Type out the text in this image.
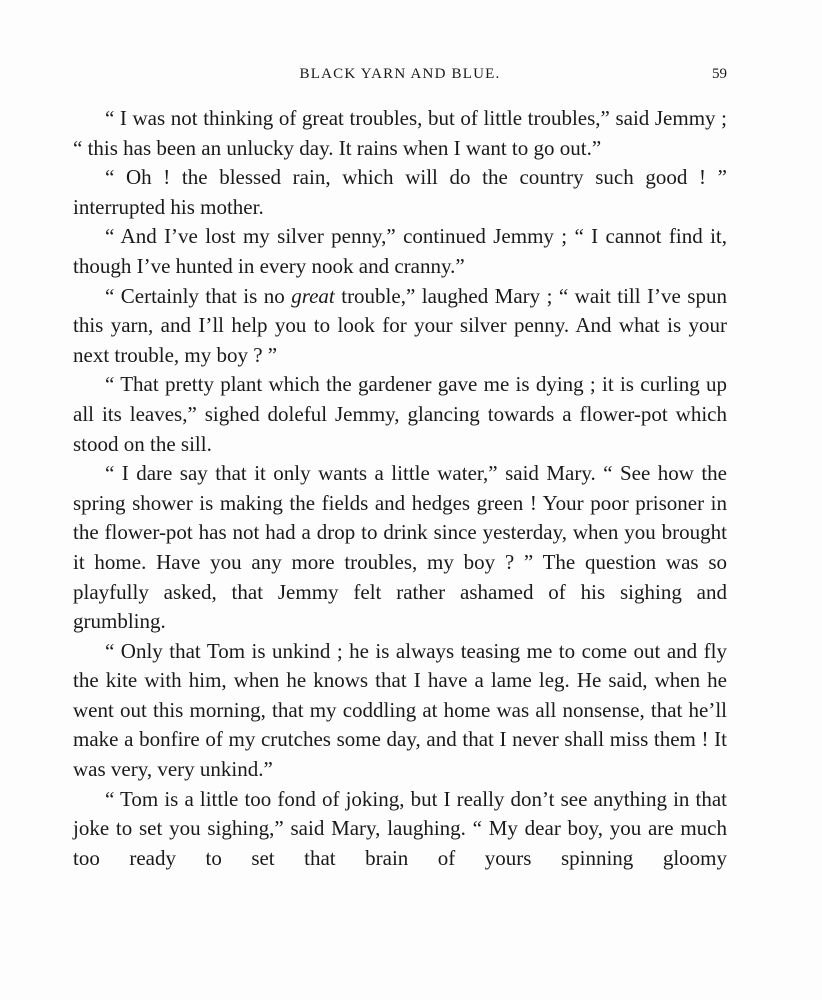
BLACK YARN AND BLUE.	59

“ I was not thinking of great troubles, but of little troubles,” said Jemmy ; “ this has been an unlucky day. It rains when I want to go out.”

“ Oh ! the blessed rain, which will do the country such good ! ” interrupted his mother.

“ And I’ve lost my silver penny,” continued Jemmy ; “ I cannot find it, though I’ve hunted in every nook and cranny.”

“ Certainly that is no great trouble,” laughed Mary ; “ wait till I’ve spun this yarn, and I’ll help you to look for your silver penny. And what is your next trouble, my boy ? ”

“ That pretty plant which the gardener gave me is dying ; it is curling up all its leaves,” sighed doleful Jemmy, glancing towards a flower-pot which stood on the sill.

“ I dare say that it only wants a little water,” said Mary. “ See how the spring shower is making the fields and hedges green ! Your poor prisoner in the flower-pot has not had a drop to drink since yesterday, when you brought it home. Have you any more troubles, my boy ? ” The question was so playfully asked, that Jemmy felt rather ashamed of his sighing and grumbling.

“ Only that Tom is unkind ; he is always teasing me to come out and fly the kite with him, when he knows that I have a lame leg. He said, when he went out this morning, that my coddling at home was all nonsense, that he’ll make a bonfire of my crutches some day, and that I never shall miss them ! It was very, very unkind.”

“ Tom is a little too fond of joking, but I really don’t see anything in that joke to set you sighing,” said Mary, laughing. “ My dear boy, you are much too ready to set that brain of yours spinning gloomy
